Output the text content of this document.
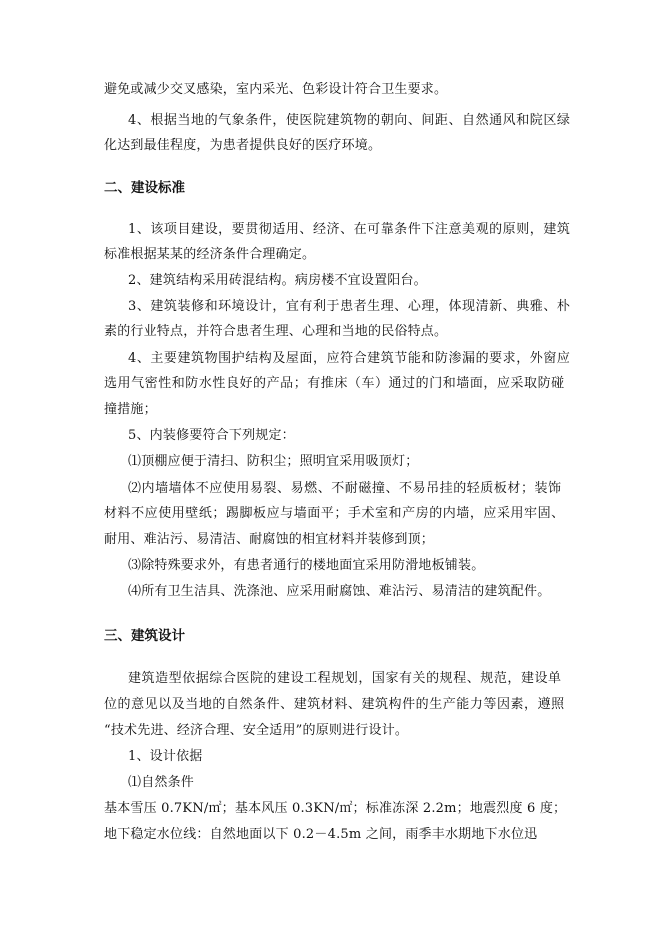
避免或减少交叉感染，室内采光、色彩设计符合卫生要求。
4、根据当地的气象条件，使医院建筑物的朝向、间距、自然通风和院区绿
化达到最佳程度，为患者提供良好的医疗环境。
二、建设标准
1、该项目建设，要贯彻适用、经济、在可靠条件下注意美观的原则，建筑
标准根据某某的经济条件合理确定。
2、建筑结构采用砖混结构。病房楼不宜设置阳台。
3、建筑装修和环境设计，宜有利于患者生理、心理，体现清新、典雅、朴
素的行业特点，并符合患者生理、心理和当地的民俗特点。
4、主要建筑物围护结构及屋面，应符合建筑节能和防渗漏的要求，外窗应
选用气密性和防水性良好的产品；有推床（车）通过的门和墙面，应采取防碰
撞措施；
5、内装修要符合下列规定：
⑴顶棚应便于清扫、防积尘；照明宜采用吸顶灯；
⑵内墙墙体不应使用易裂、易燃、不耐磁撞、不易吊挂的轻质板材；装饰
材料不应使用壁纸；踢脚板应与墙面平；手术室和产房的内墙，应采用牢固、
耐用、难沾污、易清洁、耐腐蚀的相宜材料并装修到顶；
⑶除特殊要求外，有患者通行的楼地面宜采用防滑地板铺装。
⑷所有卫生洁具、洗涤池、应采用耐腐蚀、难沾污、易清洁的建筑配件。
三、建筑设计
建筑造型依据综合医院的建设工程规划，国家有关的规程、规范，建设单
位的意见以及当地的自然条件、建筑材料、建筑构件的生产能力等因素，遵照
“技术先进、经济合理、安全适用”的原则进行设计。
1、设计依据
⑴自然条件
基本雪压 0.7KN/㎡；基本风压 0.3KN/㎡；标准冻深 2.2m；地震烈度 6 度；
地下稳定水位线：自然地面以下 0.2－4.5m 之间，雨季丰水期地下水位迅
